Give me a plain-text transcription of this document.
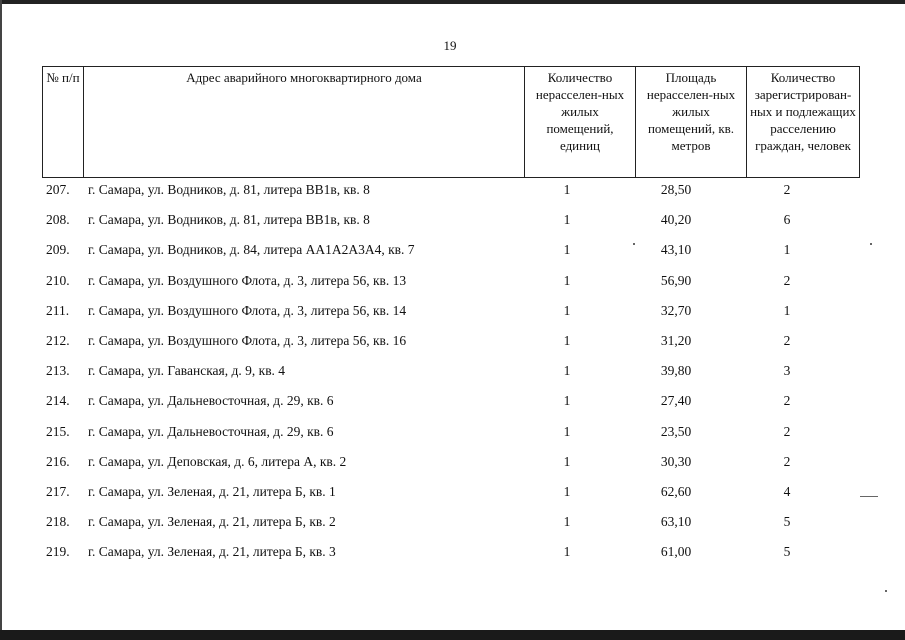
19
№ п/п	Адрес аварийного многоквартирного дома	Количество нерасселен-ных жилых помещений, единиц	Площадь нерасселен-ных жилых помещений, кв. метров	Количество зарегистрирован-ных и подлежащих расселению граждан, человек
207.	г. Самара, ул. Водников, д. 81, литера ВВ1в, кв. 8	1	28,50	2
208.	г. Самара, ул. Водников, д. 81, литера ВВ1в, кв. 8	1	40,20	6
209.	г. Самара, ул. Водников, д. 84, литера АА1А2А3А4, кв. 7	1	43,10	1
210.	г. Самара, ул. Воздушного Флота, д. 3, литера 56, кв. 13	1	56,90	2
211.	г. Самара, ул. Воздушного Флота, д. 3, литера 56, кв. 14	1	32,70	1
212.	г. Самара, ул. Воздушного Флота, д. 3, литера 56, кв. 16	1	31,20	2
213.	г. Самара, ул. Гаванская, д. 9, кв. 4	1	39,80	3
214.	г. Самара, ул. Дальневосточная, д. 29, кв. 6	1	27,40	2
215.	г. Самара, ул. Дальневосточная, д. 29, кв. 6	1	23,50	2
216.	г. Самара, ул. Деповская, д. 6, литера А, кв. 2	1	30,30	2
217.	г. Самара, ул. Зеленая, д. 21, литера Б, кв. 1	1	62,60	4
218.	г. Самара, ул. Зеленая, д. 21, литера Б, кв. 2	1	63,10	5
219.	г. Самара, ул. Зеленая, д. 21, литера Б, кв. 3	1	61,00	5
